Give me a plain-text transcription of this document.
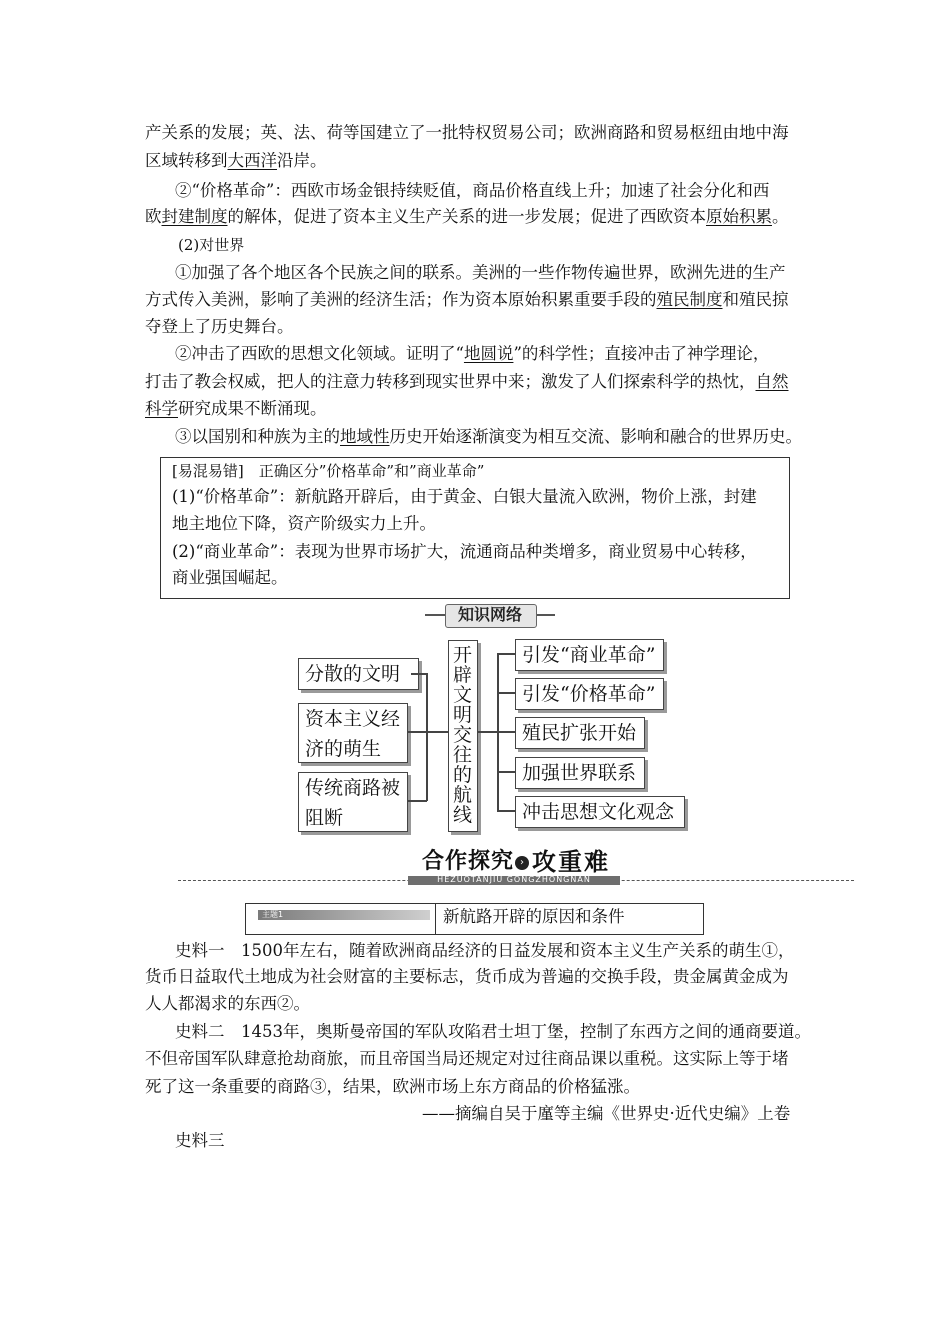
产关系的发展；英、法、荷等国建立了一批特权贸易公司；欧洲商路和贸易枢纽由地中海
区域转移到大西洋沿岸。
②“价格革命”：西欧市场金银持续贬值，商品价格直线上升；加速了社会分化和西
欧封建制度的解体，促进了资本主义生产关系的进一步发展；促进了西欧资本原始积累。
(2)对世界
①加强了各个地区各个民族之间的联系。美洲的一些作物传遍世界，欧洲先进的生产
方式传入美洲，影响了美洲的经济生活；作为资本原始积累重要手段的殖民制度和殖民掠
夺登上了历史舞台。
②冲击了西欧的思想文化领域。证明了“地圆说”的科学性；直接冲击了神学理论，
打击了教会权威，把人的注意力转移到现实世界中来；激发了人们探索科学的热忱，自然
科学研究成果不断涌现。
③以国别和种族为主的地域性历史开始逐渐演变为相互交流、影响和融合的世界历史。
[易混易错]　正确区分”价格革命”和”商业革命”
(1)“价格革命”：新航路开辟后，由于黄金、白银大量流入欧洲，物价上涨，封建
地主地位下降，资产阶级实力上升。
(2)“商业革命”：表现为世界市场扩大，流通商品种类增多，商业贸易中心转移，
商业强国崛起。
知识网络
分散的文明
资本主义经
济的萌生
传统商路被
阻断
开
辟
文
明
交
往
的
航
线
引发“商业革命”
引发“价格革命”
殖民扩张开始
加强世界联系
冲击思想文化观念
合作探究 › 攻重难
HEZUOTANJIU GONGZHONGNAN
主题1	新航路开辟的原因和条件
史料一　1500年左右，随着欧洲商品经济的日益发展和资本主义生产关系的萌生①，
货币日益取代土地成为社会财富的主要标志，货币成为普遍的交换手段，贵金属黄金成为
人人都渴求的东西②。
史料二　1453年，奥斯曼帝国的军队攻陷君士坦丁堡，控制了东西方之间的通商要道。
不但帝国军队肆意抢劫商旅，而且帝国当局还规定对过往商品课以重税。这实际上等于堵
死了这一条重要的商路③，结果，欧洲市场上东方商品的价格猛涨。
——摘编自吴于廑等主编《世界史·近代史编》上卷
史料三
